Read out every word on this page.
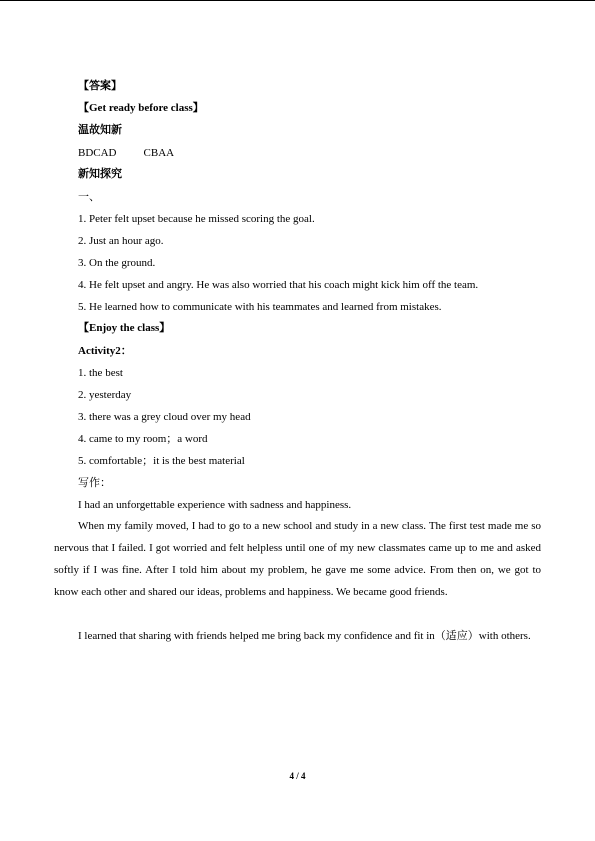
【答案】
【Get ready before class】
温故知新
BDCAD CBAA
新知探究
一、
1. Peter felt upset because he missed scoring the goal.
2. Just an hour ago.
3. On the ground.
4. He felt upset and angry. He was also worried that his coach might kick him off the team.
5. He learned how to communicate with his teammates and learned from mistakes.
【Enjoy the class】
Activity2：
1. the best
2. yesterday
3. there was a grey cloud over my head
4. came to my room；a word
5. comfortable；it is the best material
写作：
I had an unforgettable experience with sadness and happiness.

When my family moved, I had to go to a new school and study in a new class. The first test made me so nervous that I failed. I got worried and felt helpless until one of my new classmates came up to me and asked softly if I was fine. After I told him about my problem, he gave me some advice. From then on, we got to know each other and shared our ideas, problems and happiness. We became good friends.

I learned that sharing with friends helped me bring back my confidence and fit in（适应）with others.

4 / 4
